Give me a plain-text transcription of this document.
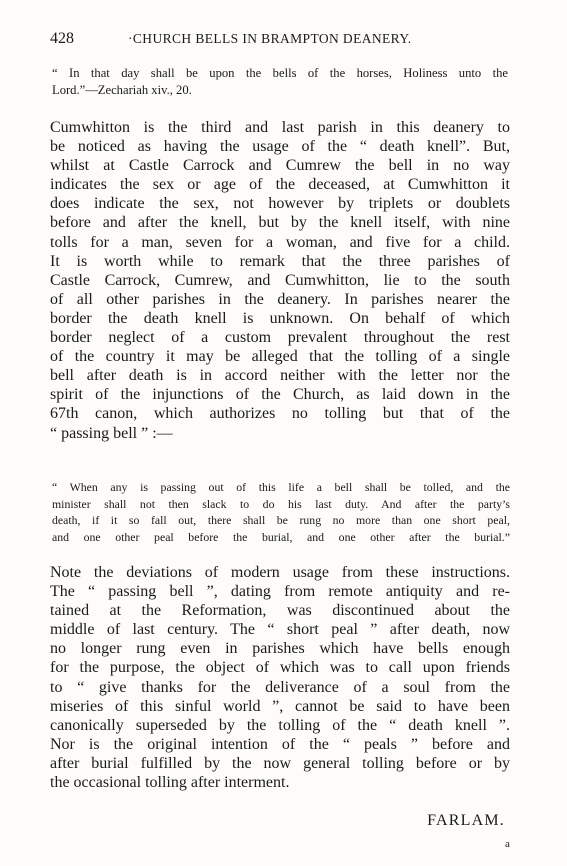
428	·CHURCH BELLS IN BRAMPTON DEANERY.
“ In that day shall be upon the bells of the horses, Holiness unto the
Lord.”—Zechariah xiv., 20.
Cumwhitton is the third and last parish in this deanery to
be noticed as having the usage of the “ death knell”. But,
whilst at Castle Carrock and Cumrew the bell in no way
indicates the sex or age of the deceased, at Cumwhitton it
does indicate the sex, not however by triplets or doublets
before and after the knell, but by the knell itself, with nine
tolls for a man, seven for a woman, and five for a child.
It is worth while to remark that the three parishes of
Castle Carrock, Cumrew, and Cumwhitton, lie to the south
of all other parishes in the deanery. In parishes nearer the
border the death knell is unknown. On behalf of which
border neglect of a custom prevalent throughout the rest
of the country it may be alleged that the tolling of a single
bell after death is in accord neither with the letter nor the
spirit of the injunctions of the Church, as laid down in the
67th canon, which authorizes no tolling but that of the
“ passing bell ” :—
“ When any is passing out of this life a bell shall be tolled, and the
minister shall not then slack to do his last duty. And after the party’s
death, if it so fall out, there shall be rung no more than one short peal,
and one other peal before the burial, and one other after the burial.”
Note the deviations of modern usage from these instructions.
The “ passing bell ”, dating from remote antiquity and re-
tained at the Reformation, was discontinued about the
middle of last century. The “ short peal ” after death, now
no longer rung even in parishes which have bells enough
for the purpose, the object of which was to call upon friends
to “ give thanks for the deliverance of a soul from the
miseries of this sinful world ”, cannot be said to have been
canonically superseded by the tolling of the “ death knell ”.
Nor is the original intention of the “ peals ” before and
after burial fulfilled by the now general tolling before or by
the occasional tolling after interment.
FARLAM.
a
